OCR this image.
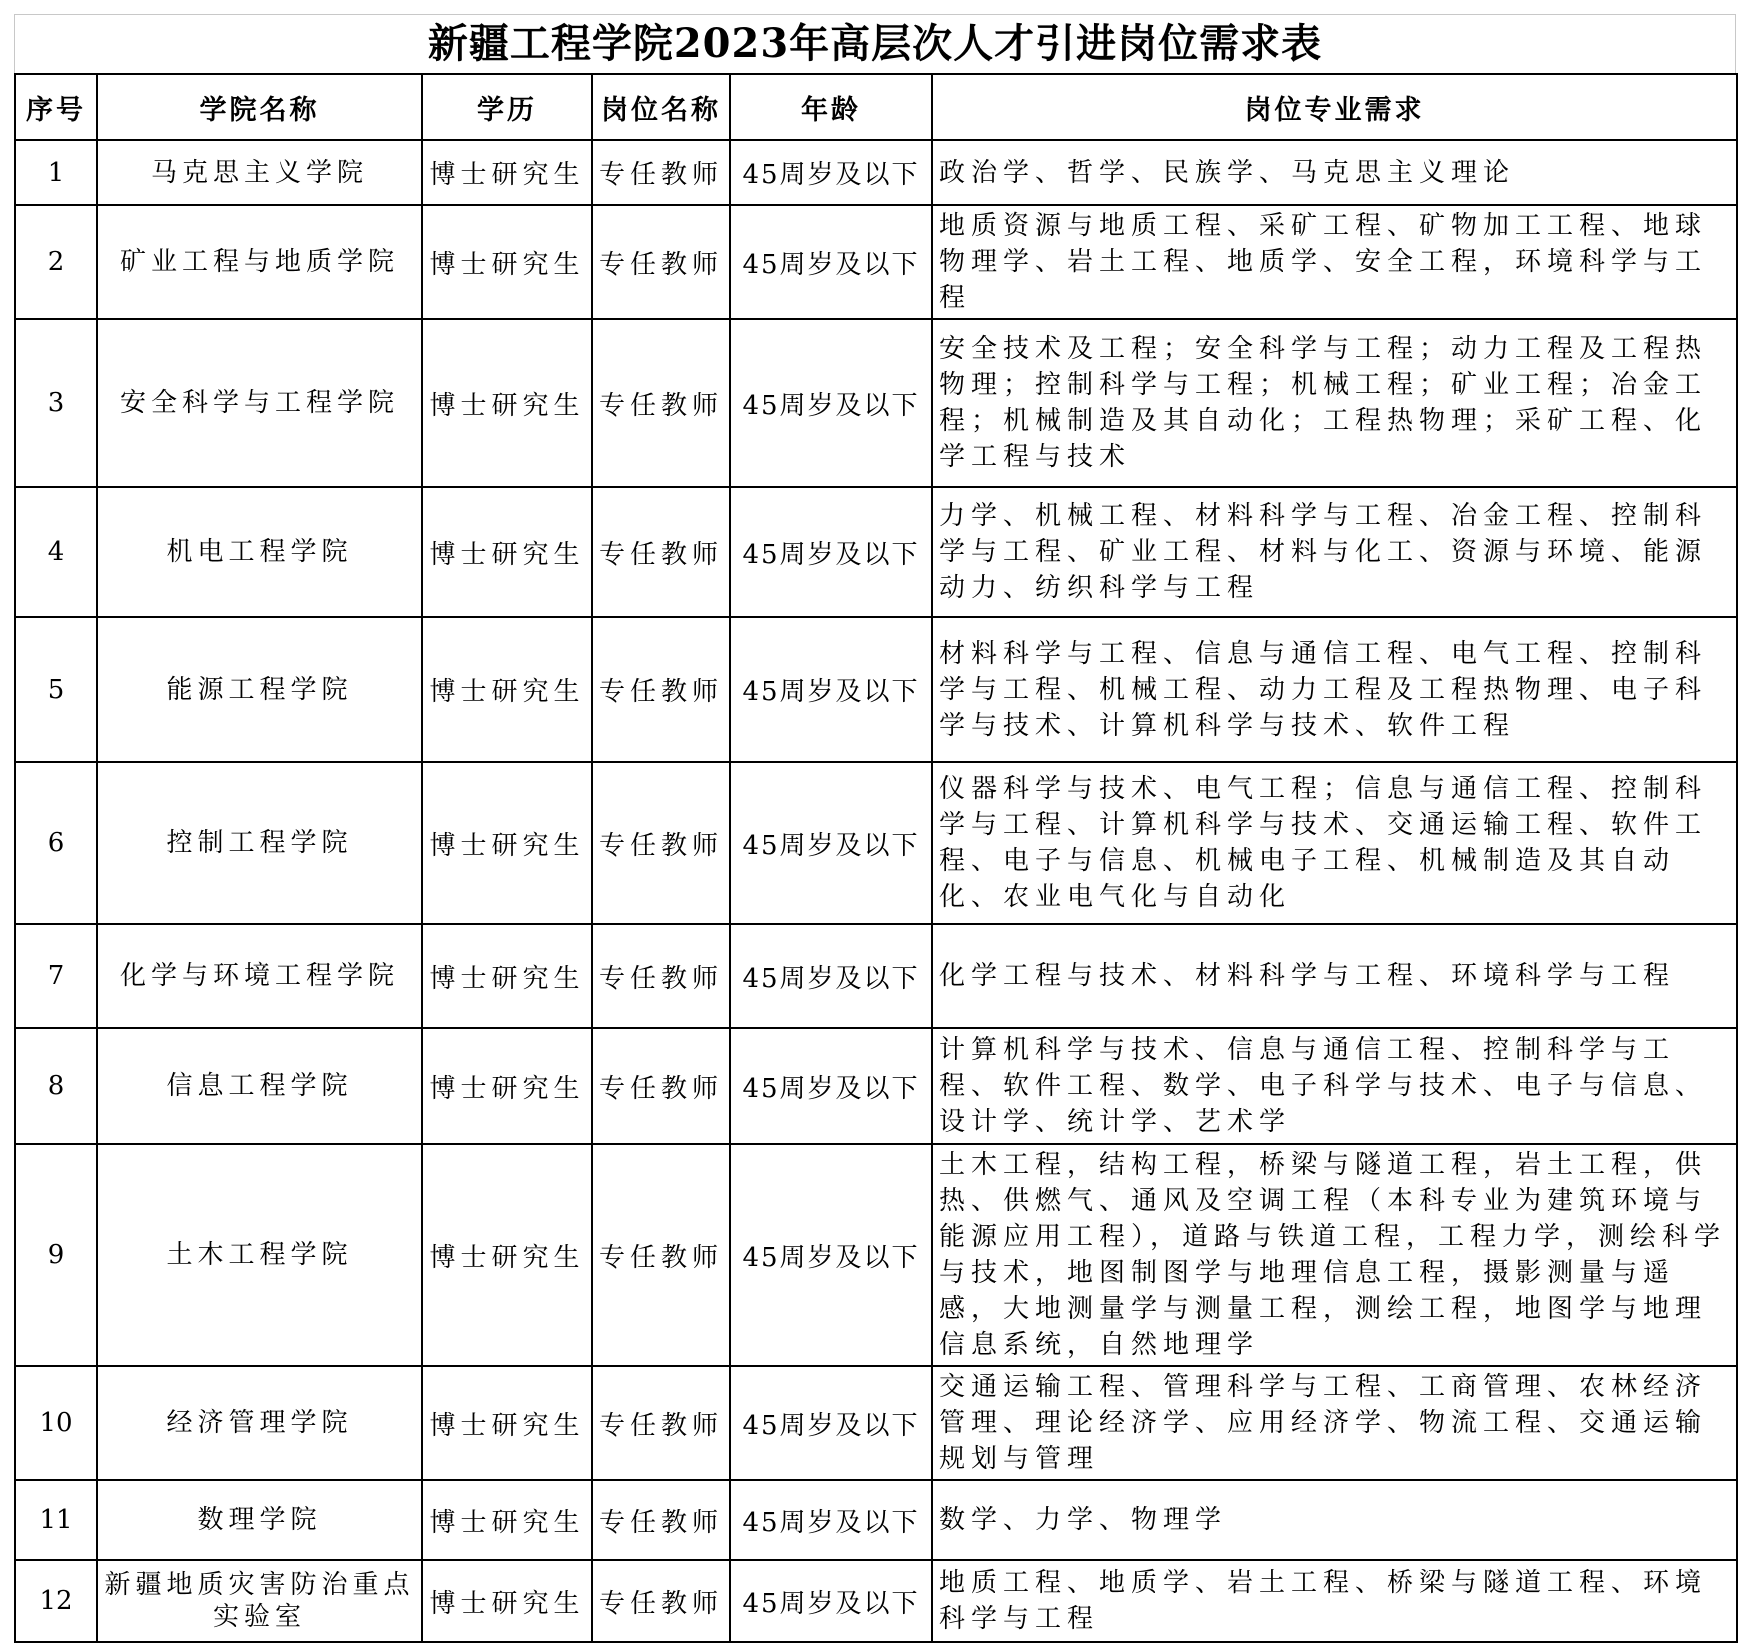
新疆工程学院2023年高层次人才引进岗位需求表
序号	学院名称	学历	岗位名称	年龄	岗位专业需求
1	马克思主义学院	博士研究生	专任教师	45周岁及以下	政治学、哲学、民族学、马克思主义理论
2	矿业工程与地质学院	博士研究生	专任教师	45周岁及以下	地质资源与地质工程、采矿工程、矿物加工工程、地球物理学、岩土工程、地质学、安全工程，环境科学与工程
3	安全科学与工程学院	博士研究生	专任教师	45周岁及以下	安全技术及工程；安全科学与工程；动力工程及工程热物理；控制科学与工程；机械工程；矿业工程；冶金工程；机械制造及其自动化；工程热物理；采矿工程、化学工程与技术
4	机电工程学院	博士研究生	专任教师	45周岁及以下	力学、机械工程、材料科学与工程、冶金工程、控制科学与工程、矿业工程、材料与化工、资源与环境、能源动力、纺织科学与工程
5	能源工程学院	博士研究生	专任教师	45周岁及以下	材料科学与工程、信息与通信工程、电气工程、控制科学与工程、机械工程、动力工程及工程热物理、电子科学与技术、计算机科学与技术、软件工程
6	控制工程学院	博士研究生	专任教师	45周岁及以下	仪器科学与技术、电气工程；信息与通信工程、控制科学与工程、计算机科学与技术、交通运输工程、软件工程、电子与信息、机械电子工程、机械制造及其自动化、农业电气化与自动化
7	化学与环境工程学院	博士研究生	专任教师	45周岁及以下	化学工程与技术、材料科学与工程、环境科学与工程
8	信息工程学院	博士研究生	专任教师	45周岁及以下	计算机科学与技术、信息与通信工程、控制科学与工程、软件工程、数学、电子科学与技术、电子与信息、设计学、统计学、艺术学
9	土木工程学院	博士研究生	专任教师	45周岁及以下	土木工程，结构工程，桥梁与隧道工程，岩土工程，供热、供燃气、通风及空调工程（本科专业为建筑环境与能源应用工程），道路与铁道工程，工程力学，测绘科学与技术，地图制图学与地理信息工程，摄影测量与遥感，大地测量学与测量工程，测绘工程，地图学与地理信息系统，自然地理学
10	经济管理学院	博士研究生	专任教师	45周岁及以下	交通运输工程、管理科学与工程、工商管理、农林经济管理、理论经济学、应用经济学、物流工程、交通运输规划与管理
11	数理学院	博士研究生	专任教师	45周岁及以下	数学、力学、物理学
12	新疆地质灾害防治重点实验室	博士研究生	专任教师	45周岁及以下	地质工程、地质学、岩土工程、桥梁与隧道工程、环境科学与工程
